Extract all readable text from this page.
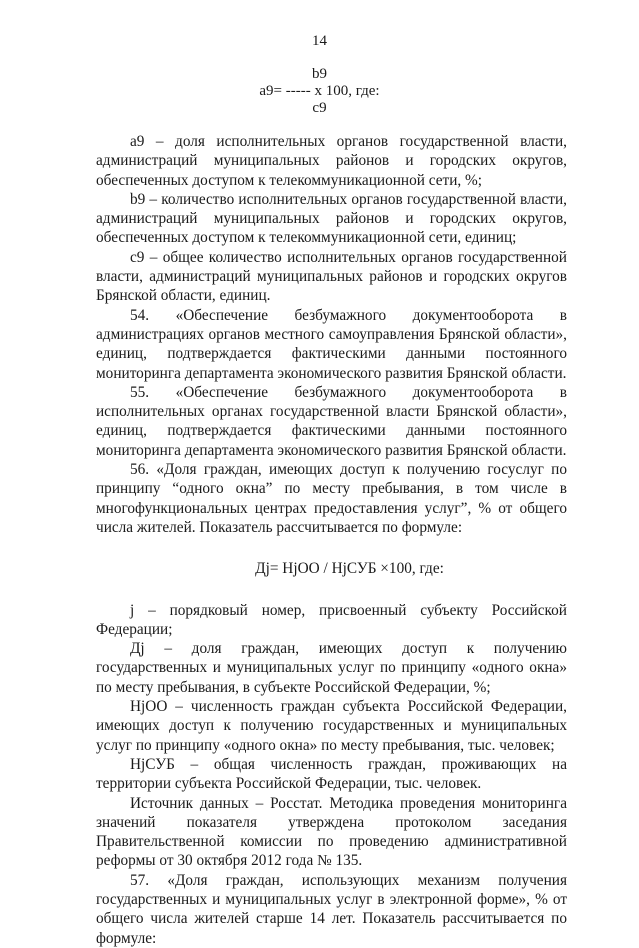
14
b9
a9= ----- х 100, где:
с9

а9 – доля исполнительных органов государственной власти, администраций муниципальных районов и городских округов, обеспеченных доступом к телекоммуникационной сети, %;

b9 – количество исполнительных органов государственной власти, администраций муниципальных районов и городских округов, обеспеченных доступом к телекоммуникационной сети, единиц;

с9 – общее количество исполнительных органов государственной власти, администраций муниципальных районов и городских округов Брянской области, единиц.

54. «Обеспечение безбумажного документооборота в администрациях органов местного самоуправления Брянской области», единиц, подтверждается фактическими данными постоянного мониторинга департамента экономического развития Брянской области.

55. «Обеспечение безбумажного документооборота в исполнительных органах государственной власти Брянской области», единиц, подтверждается фактическими данными постоянного мониторинга департамента экономического развития Брянской области.

56. «Доля граждан, имеющих доступ к получению госуслуг по принципу “одного окна” по месту пребывания, в том числе в многофункциональных центрах предоставления услуг”, % от общего числа жителей. Показатель рассчитывается по формуле:

Дj= HjОО / HjСУБ ×100, где:

j – порядковый номер, присвоенный субъекту Российской Федерации;

Дj – доля граждан, имеющих доступ к получению государственных и муниципальных услуг по принципу «одного окна» по месту пребывания, в субъекте Российской Федерации, %;

HjОО – численность граждан субъекта Российской Федерации, имеющих доступ к получению государственных и муниципальных услуг по принципу «одного окна» по месту пребывания, тыс. человек;

HjСУБ – общая численность граждан, проживающих на территории субъекта Российской Федерации, тыс. человек.

Источник данных – Росстат. Методика проведения мониторинга значений показателя утверждена протоколом заседания Правительственной комиссии по проведению административной реформы от 30 октября 2012 года № 135.

57. «Доля граждан, использующих механизм получения государственных и муниципальных услуг в электронной форме», % от общего числа жителей старше 14 лет. Показатель рассчитывается по формуле:
